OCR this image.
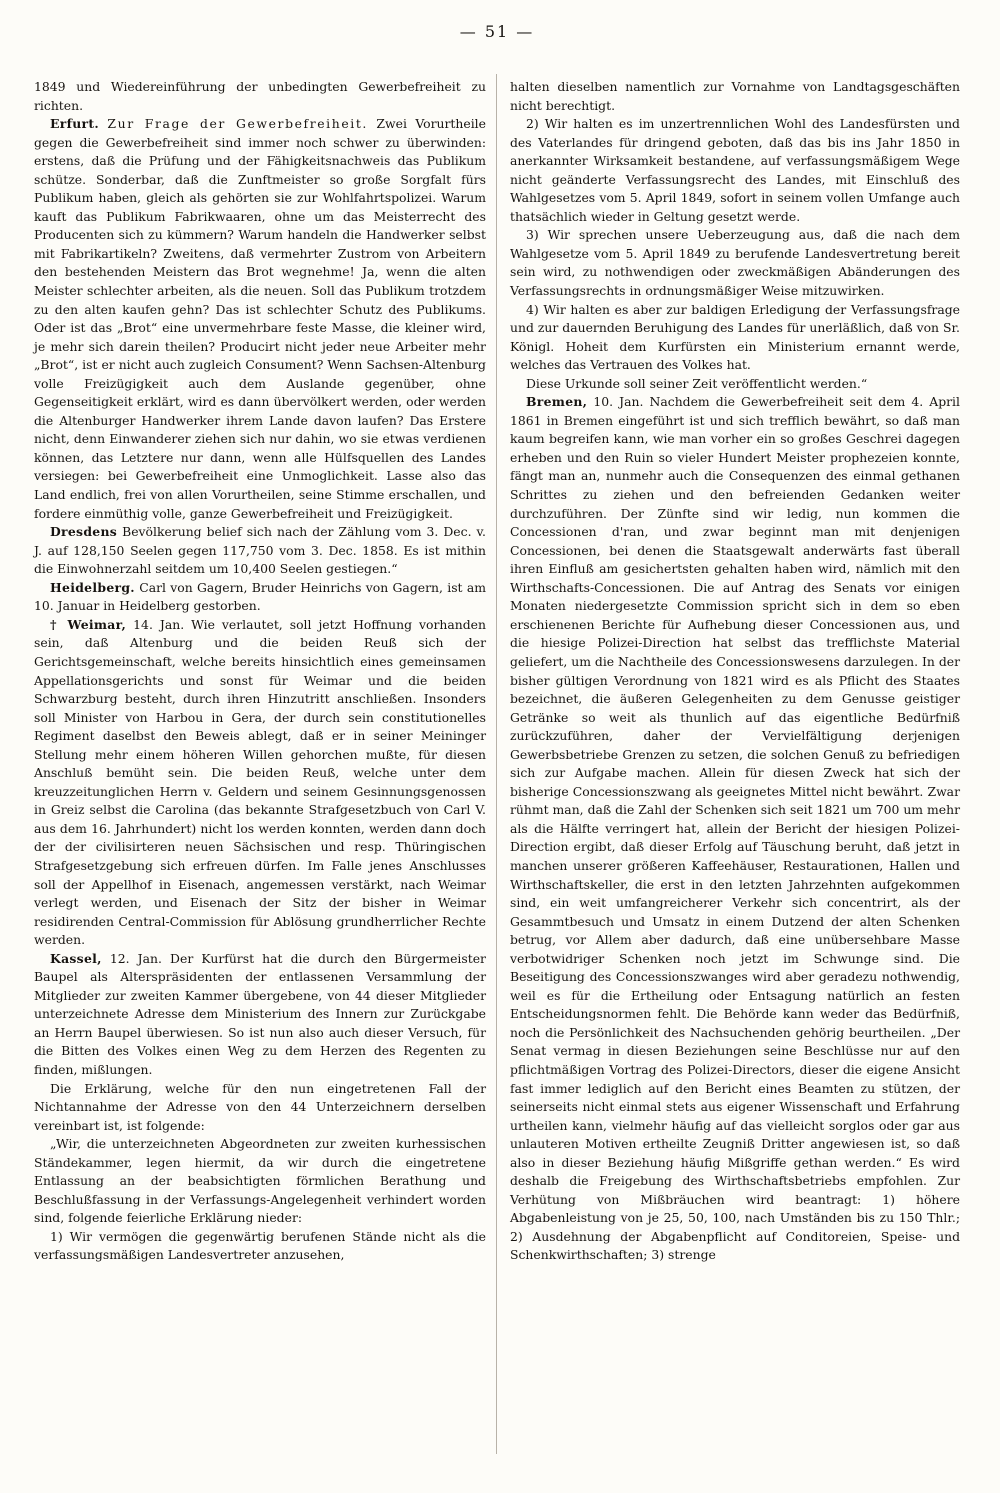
— 51 —

1849 und Wiedereinführung der unbedingten Gewerbefreiheit zu richten.

Erfurt. Zur Frage der Gewerbefreiheit. Zwei Vorurtheile gegen die Gewerbefreiheit sind immer noch schwer zu überwinden: erstens, daß die Prüfung und der Fähigkeitsnachweis das Publikum schütze. Sonderbar, daß die Zunftmeister so große Sorgfalt fürs Publikum haben, gleich als gehörten sie zur Wohlfahrtspolizei. Warum kauft das Publikum Fabrikwaaren, ohne um das Meisterrecht des Producenten sich zu kümmern? Warum handeln die Handwerker selbst mit Fabrikartikeln? Zweitens, daß vermehrter Zustrom von Arbeitern den bestehenden Meistern das Brot wegnehme! Ja, wenn die alten Meister schlechter arbeiten, als die neuen. Soll das Publikum trotzdem zu den alten kaufen gehn? Das ist schlechter Schutz des Publikums. Oder ist das „Brot“ eine unvermehrbare feste Masse, die kleiner wird, je mehr sich darein theilen? Producirt nicht jeder neue Arbeiter mehr „Brot“, ist er nicht auch zugleich Consument? Wenn Sachsen-Altenburg volle Freizügigkeit auch dem Auslande gegenüber, ohne Gegenseitigkeit erklärt, wird es dann übervölkert werden, oder werden die Altenburger Handwerker ihrem Lande davon laufen? Das Erstere nicht, denn Einwanderer ziehen sich nur dahin, wo sie etwas verdienen können, das Letztere nur dann, wenn alle Hülfsquellen des Landes versiegen: bei Gewerbefreiheit eine Unmoglichkeit. Lasse also das Land endlich, frei von allen Vorurtheilen, seine Stimme erschallen, und fordere einmüthig volle, ganze Gewerbefreiheit und Freizügigkeit.

Dresdens Bevölkerung belief sich nach der Zählung vom 3. Dec. v. J. auf 128,150 Seelen gegen 117,750 vom 3. Dec. 1858. Es ist mithin die Einwohnerzahl seitdem um 10,400 Seelen gestiegen.“

Heidelberg. Carl von Gagern, Bruder Heinrichs von Gagern, ist am 10. Januar in Heidelberg gestorben.

† Weimar, 14. Jan. Wie verlautet, soll jetzt Hoffnung vorhanden sein, daß Altenburg und die beiden Reuß sich der Gerichtsgemeinschaft, welche bereits hinsichtlich eines gemeinsamen Appellationsgerichts und sonst für Weimar und die beiden Schwarzburg besteht, durch ihren Hinzutritt anschließen. Insonders soll Minister von Harbou in Gera, der durch sein constitutionelles Regiment daselbst den Beweis ablegt, daß er in seiner Meininger Stellung mehr einem höheren Willen gehorchen mußte, für diesen Anschluß bemüht sein. Die beiden Reuß, welche unter dem kreuzzeitunglichen Herrn v. Geldern und seinem Gesinnungsgenossen in Greiz selbst die Carolina (das bekannte Strafgesetzbuch von Carl V. aus dem 16. Jahrhundert) nicht los werden konnten, werden dann doch der der civilisirteren neuen Sächsischen und resp. Thüringischen Strafgesetzgebung sich erfreuen dürfen. Im Falle jenes Anschlusses soll der Appellhof in Eisenach, angemessen verstärkt, nach Weimar verlegt werden, und Eisenach der Sitz der bisher in Weimar residirenden Central-Commission für Ablösung grundherrlicher Rechte werden.

Kassel, 12. Jan. Der Kurfürst hat die durch den Bürgermeister Baupel als Alterspräsidenten der entlassenen Versammlung der Mitglieder zur zweiten Kammer übergebene, von 44 dieser Mitglieder unterzeichnete Adresse dem Ministerium des Innern zur Zurückgabe an Herrn Baupel überwiesen. So ist nun also auch dieser Versuch, für die Bitten des Volkes einen Weg zu dem Herzen des Regenten zu finden, mißlungen.

Die Erklärung, welche für den nun eingetretenen Fall der Nichtannahme der Adresse von den 44 Unterzeichnern derselben vereinbart ist, ist folgende:

„Wir, die unterzeichneten Abgeordneten zur zweiten kurhessischen Ständekammer, legen hiermit, da wir durch die eingetretene Entlassung an der beabsichtigten förmlichen Berathung und Beschlußfassung in der Verfassungs-Angelegenheit verhindert worden sind, folgende feierliche Erklärung nieder:

1) Wir vermögen die gegenwärtig berufenen Stände nicht als die verfassungsmäßigen Landesvertreter anzusehen,

halten dieselben namentlich zur Vornahme von Landtagsgeschäften nicht berechtigt.

2) Wir halten es im unzertrennlichen Wohl des Landesfürsten und des Vaterlandes für dringend geboten, daß das bis ins Jahr 1850 in anerkannter Wirksamkeit bestandene, auf verfassungsmäßigem Wege nicht geänderte Verfassungsrecht des Landes, mit Einschluß des Wahlgesetzes vom 5. April 1849, sofort in seinem vollen Umfange auch thatsächlich wieder in Geltung gesetzt werde.

3) Wir sprechen unsere Ueberzeugung aus, daß die nach dem Wahlgesetze vom 5. April 1849 zu berufende Landesvertretung bereit sein wird, zu nothwendigen oder zweckmäßigen Abänderungen des Verfassungsrechts in ordnungsmäßiger Weise mitzuwirken.

4) Wir halten es aber zur baldigen Erledigung der Verfassungsfrage und zur dauernden Beruhigung des Landes für unerläßlich, daß von Sr. Königl. Hoheit dem Kurfürsten ein Ministerium ernannt werde, welches das Vertrauen des Volkes hat.

Diese Urkunde soll seiner Zeit veröffentlicht werden.“

Bremen, 10. Jan. Nachdem die Gewerbefreiheit seit dem 4. April 1861 in Bremen eingeführt ist und sich trefflich bewährt, so daß man kaum begreifen kann, wie man vorher ein so großes Geschrei dagegen erheben und den Ruin so vieler Hundert Meister prophezeien konnte, fängt man an, nunmehr auch die Consequenzen des einmal gethanen Schrittes zu ziehen und den befreienden Gedanken weiter durchzuführen. Der Zünfte sind wir ledig, nun kommen die Concessionen d'ran, und zwar beginnt man mit denjenigen Concessionen, bei denen die Staatsgewalt anderwärts fast überall ihren Einfluß am gesichertsten gehalten haben wird, nämlich mit den Wirthschafts-Concessionen. Die auf Antrag des Senats vor einigen Monaten niedergesetzte Commission spricht sich in dem so eben erschienenen Berichte für Aufhebung dieser Concessionen aus, und die hiesige Polizei-Direction hat selbst das trefflichste Material geliefert, um die Nachtheile des Concessionswesens darzulegen. In der bisher gültigen Verordnung von 1821 wird es als Pflicht des Staates bezeichnet, die äußeren Gelegenheiten zu dem Genusse geistiger Getränke so weit als thunlich auf das eigentliche Bedürfniß zurückzuführen, daher der Vervielfältigung derjenigen Gewerbsbetriebe Grenzen zu setzen, die solchen Genuß zu befriedigen sich zur Aufgabe machen. Allein für diesen Zweck hat sich der bisherige Concessionszwang als geeignetes Mittel nicht bewährt. Zwar rühmt man, daß die Zahl der Schenken sich seit 1821 um 700 um mehr als die Hälfte verringert hat, allein der Bericht der hiesigen Polizei-Direction ergibt, daß dieser Erfolg auf Täuschung beruht, daß jetzt in manchen unserer größeren Kaffeehäuser, Restaurationen, Hallen und Wirthschaftskeller, die erst in den letzten Jahrzehnten aufgekommen sind, ein weit umfangreicherer Verkehr sich concentrirt, als der Gesammtbesuch und Umsatz in einem Dutzend der alten Schenken betrug, vor Allem aber dadurch, daß eine unübersehbare Masse verbotwidriger Schenken noch jetzt im Schwunge sind. Die Beseitigung des Concessionszwanges wird aber geradezu nothwendig, weil es für die Ertheilung oder Entsagung natürlich an festen Entscheidungsnormen fehlt. Die Behörde kann weder das Bedürfniß, noch die Persönlichkeit des Nachsuchenden gehörig beurtheilen. „Der Senat vermag in diesen Beziehungen seine Beschlüsse nur auf den pflichtmäßigen Vortrag des Polizei-Directors, dieser die eigene Ansicht fast immer lediglich auf den Bericht eines Beamten zu stützen, der seinerseits nicht einmal stets aus eigener Wissenschaft und Erfahrung urtheilen kann, vielmehr häufig auf das vielleicht sorglos oder gar aus unlauteren Motiven ertheilte Zeugniß Dritter angewiesen ist, so daß also in dieser Beziehung häufig Mißgriffe gethan werden.“ Es wird deshalb die Freigebung des Wirthschaftsbetriebs empfohlen. Zur Verhütung von Mißbräuchen wird beantragt: 1) höhere Abgabenleistung von je 25, 50, 100, nach Umständen bis zu 150 Thlr.; 2) Ausdehnung der Abgabenpflicht auf Conditoreien, Speise- und Schenkwirthschaften; 3) strenge
